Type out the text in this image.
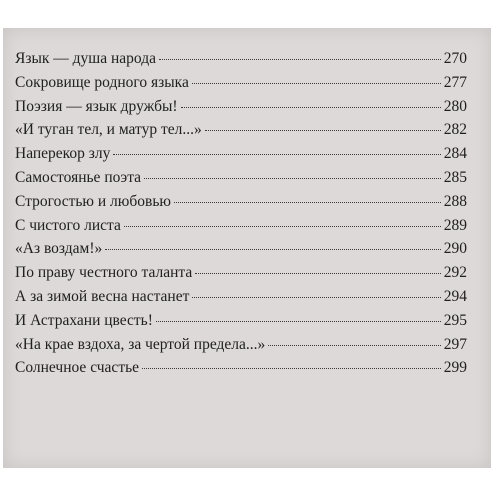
Язык — душа народа	270
Сокровище родного языка	277
Поэзия — язык дружбы!	280
«И туган тел, и матур тел...»	282
Наперекор злу	284
Самостоянье поэта	285
Строгостью и любовью	288
С чистого листа	289
«Аз воздам!»	290
По праву честного таланта	292
А за зимой весна настанет	294
И Астрахани цвесть!	295
«На крае вздоха, за чертой предела...»	297
Солнечное счастье	299
